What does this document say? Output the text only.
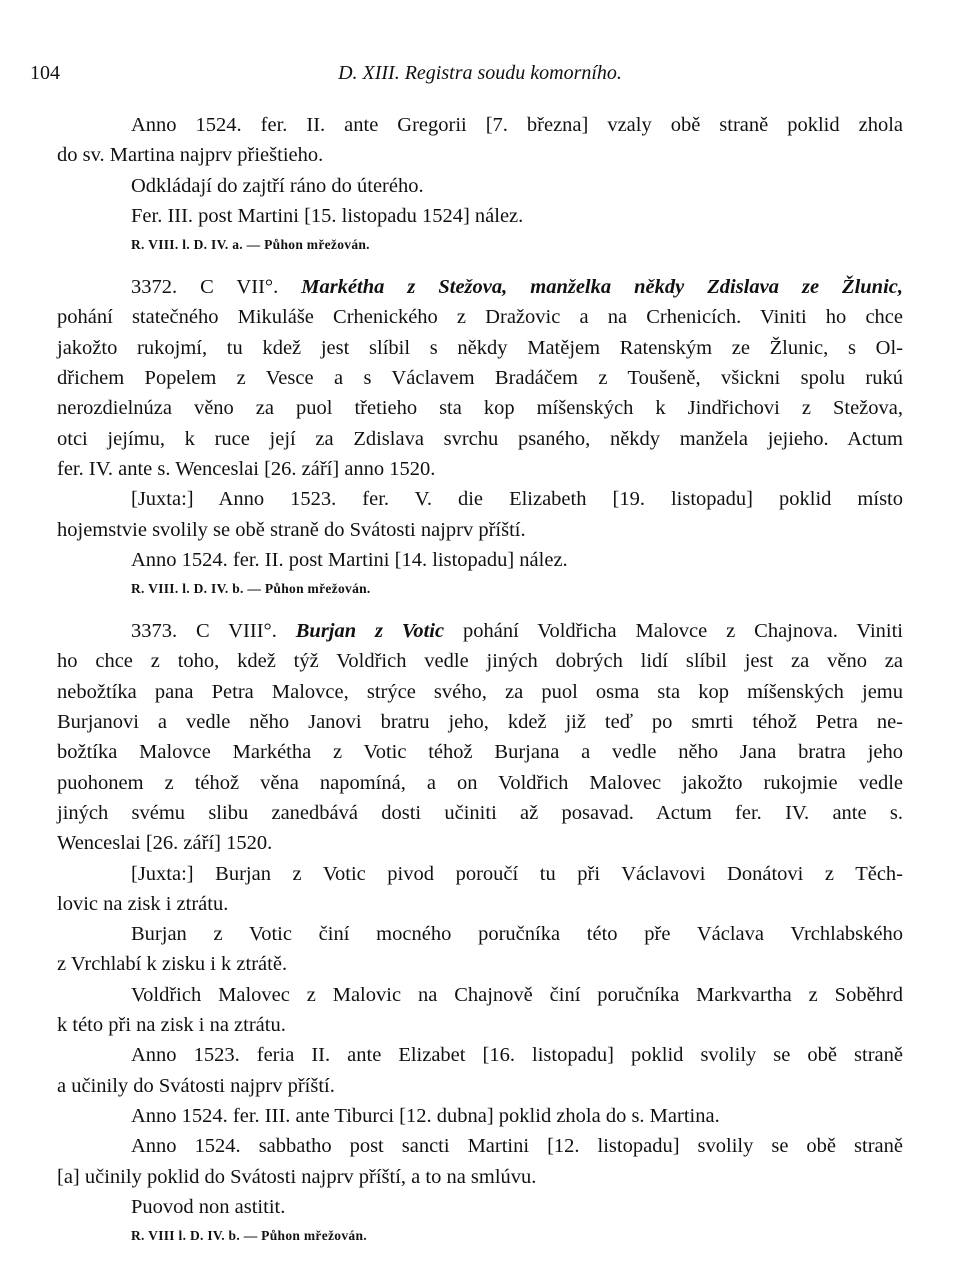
104	D. XIII. Registra soudu komorního.
Anno 1524. fer. II. ante Gregorii [7. března] vzaly obě straně poklid zhola
do sv. Martina najprv přieštieho.
Odkládají do zajtří ráno do úterého.
Fer. III. post Martini [15. listopadu 1524] nález.
R. VIII. l. D. IV. a. — Půhon mřežován.
3372. C VII°. Markétha z Stežova, manželka někdy Zdislava ze Žlunic,
pohání statečného Mikuláše Crhenického z Dražovic a na Crhenicích. Viniti ho chce
jakožto rukojmí, tu kdež jest slíbil s někdy Matějem Ratenským ze Žlunic, s Ol-
dřichem Popelem z Vesce a s Václavem Bradáčem z Toušeně, všickni spolu rukú
nerozdielnúza věno za puol třetieho sta kop míšenských k Jindřichovi z Stežova,
otci jejímu, k ruce její za Zdislava svrchu psaného, někdy manžela jejieho. Actum
fer. IV. ante s. Wenceslai [26. září] anno 1520.
[Juxta:] Anno 1523. fer. V. die Elizabeth [19. listopadu] poklid místo
hojemstvie svolily se obě straně do Svátosti najprv příští.
Anno 1524. fer. II. post Martini [14. listopadu] nález.
R. VIII. l. D. IV. b. — Půhon mřežován.
3373. C VIII°. Burjan z Votic pohání Voldřicha Malovce z Chajnova. Viniti
ho chce z toho, kdež týž Voldřich vedle jiných dobrých lidí slíbil jest za věno za
nebožtíka pana Petra Malovce, strýce svého, za puol osma sta kop míšenských jemu
Burjanovi a vedle něho Janovi bratru jeho, kdež již teď po smrti téhož Petra ne-
božtíka Malovce Markétha z Votic téhož Burjana a vedle něho Jana bratra jeho
puohonem z téhož věna napomíná, a on Voldřich Malovec jakožto rukojmie vedle
jiných svému slibu zanedbává dosti učiniti až posavad. Actum fer. IV. ante s.
Wenceslai [26. září] 1520.
[Juxta:] Burjan z Votic pivod poroučí tu při Václavovi Donátovi z Těch-
lovic na zisk i ztrátu.
Burjan z Votic činí mocného poručníka této pře Václava Vrchlabského
z Vrchlabí k zisku i k ztrátě.
Voldřich Malovec z Malovic na Chajnově činí poručníka Markvartha z Soběhrd
k této při na zisk i na ztrátu.
Anno 1523. feria II. ante Elizabet [16. listopadu] poklid svolily se obě straně
a učinily do Svátosti najprv příští.
Anno 1524. fer. III. ante Tiburci [12. dubna] poklid zhola do s. Martina.
Anno 1524. sabbatho post sancti Martini [12. listopadu] svolily se obě straně
[a] učinily poklid do Svátosti najprv příští, a to na smlúvu.
Puovod non astitit.
R. VIII l. D. IV. b. — Půhon mřežován.
